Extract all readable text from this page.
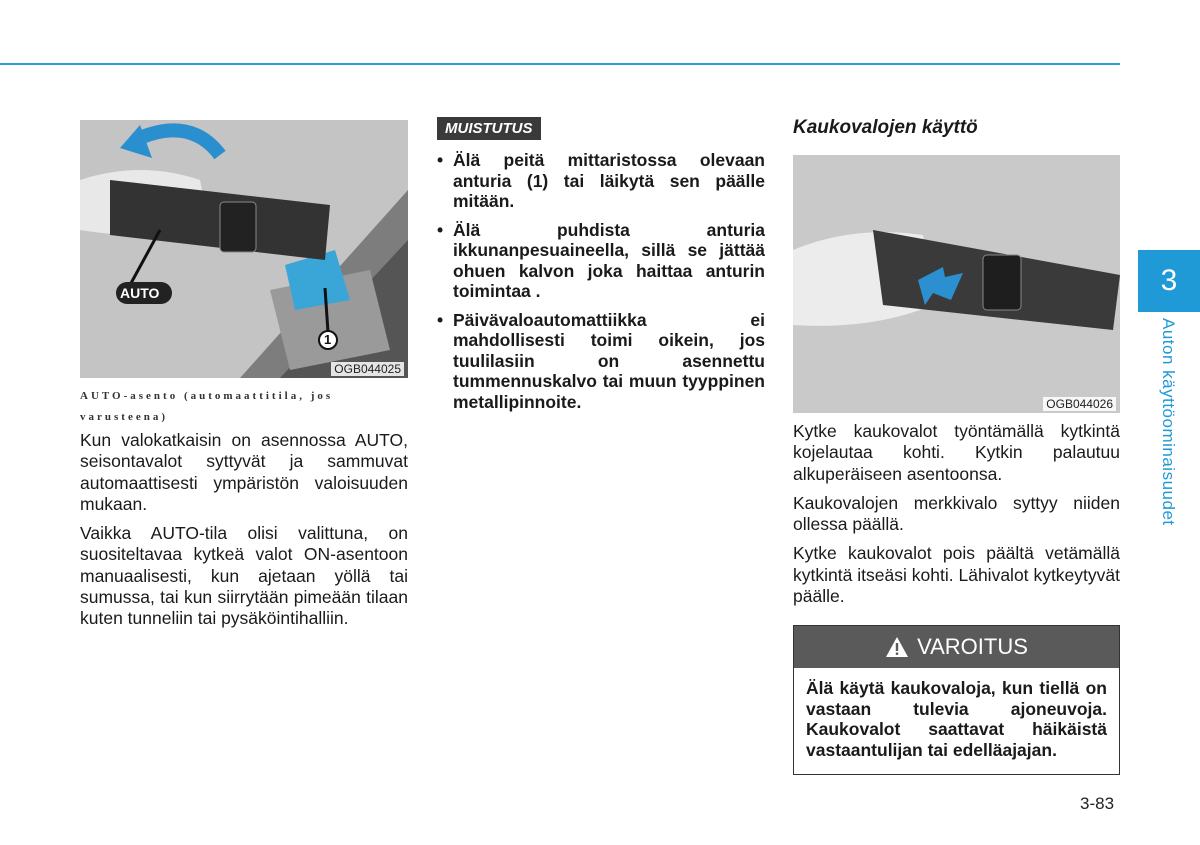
3
Auton käyttöominaisuudet
AUTO
1
OGB044025
AUTO-asento (automaattitila, jos varusteena)

Kun valokatkaisin on asennossa AUTO, seisontavalot syttyvät ja sammuvat automaattisesti ympäristön valoisuuden mukaan.

Vaikka AUTO-tila olisi valittuna, on suositeltavaa kytkeä valot ON-asentoon manuaalisesti, kun ajetaan yöllä tai sumussa, tai kun siirrytään pimeään tilaan kuten tunneliin tai pysäköintihalliin.

MUISTUTUS
• Älä peitä mittaristossa olevaan anturia (1) tai läikytä sen päälle mitään.
• Älä puhdista anturia ikkunanpesuaineella, sillä se jättää ohuen kalvon joka haittaa anturin toimintaa .
• Päivävaloautomattiikka ei mahdollisesti toimi oikein, jos tuulilasiin on asennettu tummennuskalvo tai muun tyyppinen metallipinnoite.
Kaukovalojen käyttö
OGB044026

Kytke kaukovalot työntämällä kytkintä kojelautaa kohti. Kytkin palautuu alkuperäiseen asentoonsa.

Kaukovalojen merkkivalo syttyy niiden ollessa päällä.

Kytke kaukovalot pois päältä vetämällä kytkintä itseäsi kohti. Lähivalot kytkeytyvät päälle.

VAROITUS
Älä käytä kaukovaloja, kun tiellä on vastaan tulevia ajoneuvoja. Kaukovalot saattavat häikäistä vastaantulijan tai edelläajajan.
3-83
